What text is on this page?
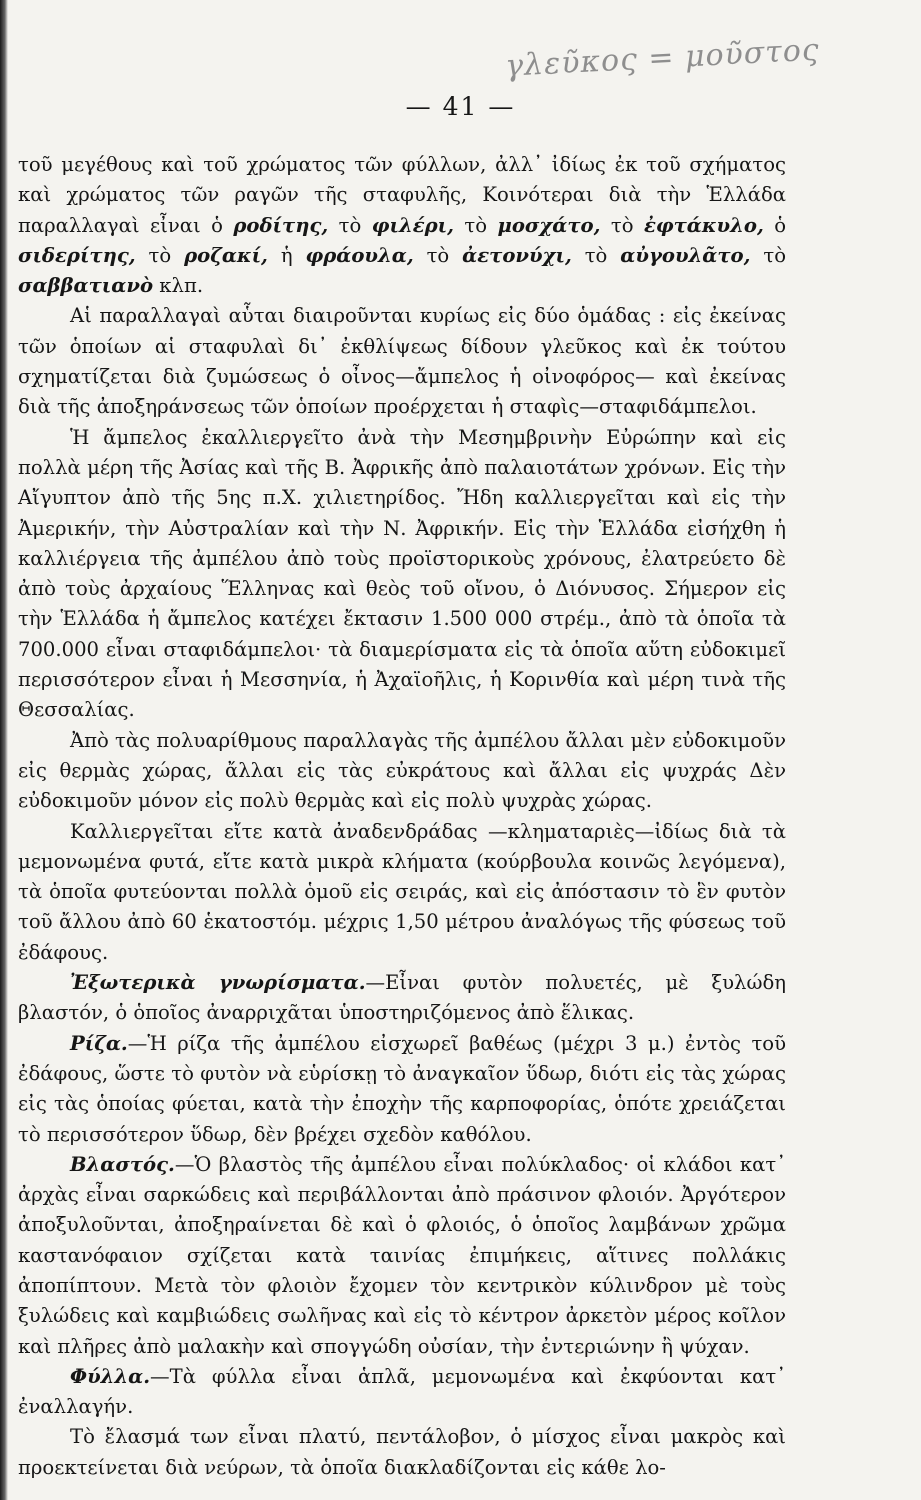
γλεῦκος = μοῦστος
— 41 —

τοῦ μεγέθους καὶ τοῦ χρώματος τῶν φύλλων, ἀλλ᾽ ἰδίως ἐκ τοῦ σχήματος καὶ χρώματος τῶν ραγῶν τῆς σταφυλῆς, Κοινότεραι διὰ τὴν Ἑλλάδα παραλλαγαὶ εἶναι ὁ ροδίτης, τὸ φιλέρι, τὸ μοσχάτο, τὸ ἐφτάκυλο, ὁ σιδερίτης, τὸ ροζακί, ἡ φράουλα, τὸ ἀετονύχι, τὸ αὐγουλᾶτο, τὸ σαββατιανὸ κλπ.

Αἱ παραλλαγαὶ αὗται διαιροῦνται κυρίως εἰς δύο ὁμάδας : εἰς ἐκείνας τῶν ὁποίων αἱ σταφυλαὶ δι᾽ ἐκθλίψεως δίδουν γλεῦκος καὶ ἐκ τούτου σχηματίζεται διὰ ζυμώσεως ὁ οἶνος—ἄμπελος ἡ οἰνοφόρος— καὶ ἐκείνας διὰ τῆς ἀποξηράνσεως τῶν ὁποίων προέρχεται ἡ σταφὶς—σταφιδάμπελοι.

Ἡ ἄμπελος ἐκαλλιεργεῖτο ἀνὰ τὴν Μεσημβρινὴν Εὐρώπην καὶ εἰς πολλὰ μέρη τῆς Ἀσίας καὶ τῆς Β. Ἀφρικῆς ἀπὸ παλαιοτάτων χρόνων. Εἰς τὴν Αἴγυπτον ἀπὸ τῆς 5ης π.Χ. χιλιετηρίδος. Ἤδη καλλιεργεῖται καὶ εἰς τὴν Ἀμερικήν, τὴν Αὐστραλίαν καὶ τὴν Ν. Ἀφρικήν. Εἰς τὴν Ἑλλάδα εἰσήχθη ἡ καλλιέργεια τῆς ἀμπέλου ἀπὸ τοὺς προϊστορικοὺς χρόνους, ἐλατρεύετο δὲ ἀπὸ τοὺς ἀρχαίους Ἕλληνας καὶ θεὸς τοῦ οἴνου, ὁ Διόνυσος. Σήμερον εἰς τὴν Ἑλλάδα ἡ ἄμπελος κατέχει ἔκτασιν 1.500 000 στρέμ., ἀπὸ τὰ ὁποῖα τὰ 700.000 εἶναι σταφιδάμπελοι· τὰ διαμερίσματα εἰς τὰ ὁποῖα αὕτη εὐδοκιμεῖ περισσότερον εἶναι ἡ Μεσσηνία, ἡ Ἀχαϊοῆλις, ἡ Κορινθία καὶ μέρη τινὰ τῆς Θεσσαλίας.

Ἀπὸ τὰς πολυαρίθμους παραλλαγὰς τῆς ἀμπέλου ἄλλαι μὲν εὐδοκιμοῦν εἰς θερμὰς χώρας, ἄλλαι εἰς τὰς εὐκράτους καὶ ἄλλαι εἰς ψυχράς Δὲν εὐδοκιμοῦν μόνον εἰς πολὺ θερμὰς καὶ εἰς πολὺ ψυχρὰς χώρας.

Καλλιεργεῖται εἴτε κατὰ ἀναδενδράδας —κληματαριὲς—ἰδίως διὰ τὰ μεμονωμένα φυτά, εἴτε κατὰ μικρὰ κλήματα (κούρβουλα κοινῶς λεγόμενα), τὰ ὁποῖα φυτεύονται πολλὰ ὁμοῦ εἰς σειράς, καὶ εἰς ἀπόστασιν τὸ ἓν φυτὸν τοῦ ἄλλου ἀπὸ 60 ἑκατοστόμ. μέχρις 1,50 μέτρου ἀναλόγως τῆς φύσεως τοῦ ἐδάφους.

Ἐξωτερικὰ γνωρίσματα.—Εἶναι φυτὸν πολυετές, μὲ ξυλώδη βλαστόν, ὁ ὁποῖος ἀναρριχᾶται ὑποστηριζόμενος ἀπὸ ἕλικας.

Ρίζα.—Ἡ ρίζα τῆς ἀμπέλου εἰσχωρεῖ βαθέως (μέχρι 3 μ.) ἐντὸς τοῦ ἐδάφους, ὥστε τὸ φυτὸν νὰ εὑρίσκῃ τὸ ἀναγκαῖον ὕδωρ, διότι εἰς τὰς χώρας εἰς τὰς ὁποίας φύεται, κατὰ τὴν ἐποχὴν τῆς καρποφορίας, ὁπότε χρειάζεται τὸ περισσότερον ὕδωρ, δὲν βρέχει σχεδὸν καθόλου.

Βλαστός.—Ὁ βλαστὸς τῆς ἀμπέλου εἶναι πολύκλαδος· οἱ κλάδοι κατ᾽ ἀρχὰς εἶναι σαρκώδεις καὶ περιβάλλονται ἀπὸ πράσινον φλοιόν. Ἀργότερον ἀποξυλοῦνται, ἀποξηραίνεται δὲ καὶ ὁ φλοιός, ὁ ὁποῖος λαμβάνων χρῶμα καστανόφαιον σχίζεται κατὰ ταινίας ἐπιμήκεις, αἵτινες πολλάκις ἀποπίπτουν. Μετὰ τὸν φλοιὸν ἔχομεν τὸν κεντρικὸν κύλινδρον μὲ τοὺς ξυλώδεις καὶ καμβιώδεις σωλῆνας καὶ εἰς τὸ κέντρον ἀρκετὸν μέρος κοῖλον καὶ πλῆρες ἀπὸ μαλακὴν καὶ σπογγώδη οὐσίαν, τὴν ἐντεριώνην ἢ ψύχαν.

Φύλλα.—Τὰ φύλλα εἶναι ἁπλᾶ, μεμονωμένα καὶ ἐκφύονται κατ᾽ ἐναλλαγήν.

Τὸ ἔλασμά των εἶναι πλατύ, πεντάλοβον, ὁ μίσχος εἶναι μακρὸς καὶ προεκτείνεται διὰ νεύρων, τὰ ὁποῖα διακλαδίζονται εἰς κάθε λο-
